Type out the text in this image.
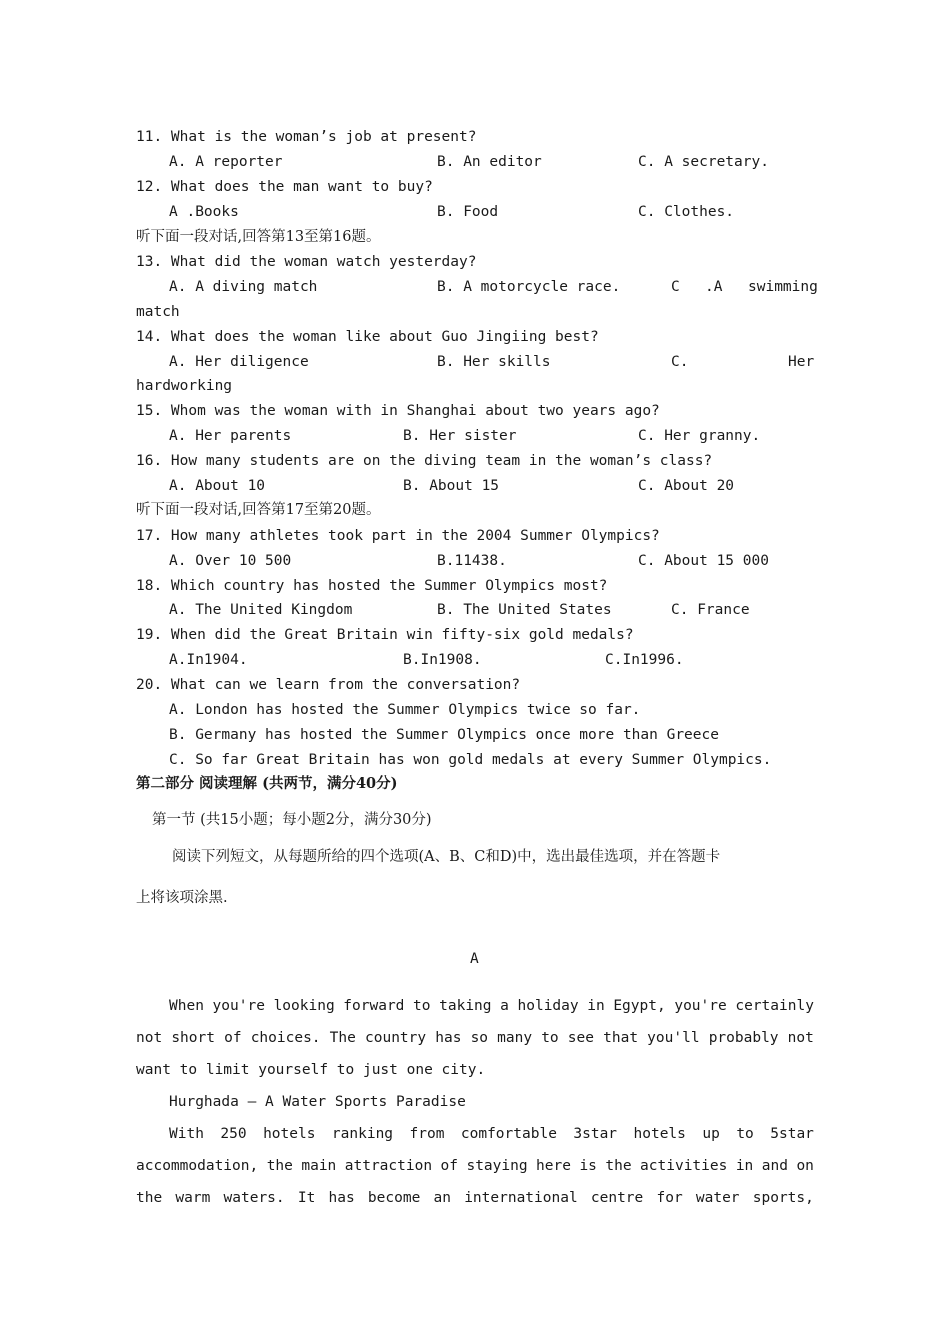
11. What is the woman’s job at present?
A. A reporter	B. An editor	C. A secretary.
12. What does the man want to buy?
A .Books	B. Food	C. Clothes.
听下面一段对话,回答第13至第16题。
13. What did the woman watch yesterday?
A. A diving match	B. A motorcycle race.	C .A swimming
match
14. What does the woman like about Guo Jingiing best?
A. Her diligence	B. Her skills	C.	Her
hardworking
15. Whom was the woman with in Shanghai about two years ago?
A. Her parents	B. Her sister	C. Her granny.
16. How many students are on the diving team in the woman’s class?
A. About 10	B. About 15	C. About 20
听下面一段对话,回答第17至第20题。
17. How many athletes took part in the 2004 Summer Olympics?
A. Over 10 500	B.11438.	C. About 15 000
18. Which country has hosted the Summer Olympics most?
A. The United Kingdom	B. The United States	C. France
19. When did the Great Britain win fifty-six gold medals?
A.In1904.	B.In1908.	C.In1996.
20. What can we learn from the conversation?
A. London has hosted the Summer Olympics twice so far.
B. Germany has hosted the Summer Olympics once more than Greece
C. So far Great Britain has won gold medals at every Summer Olympics.
第二部分 阅读理解 (共两节，满分40分)
第一节 (共15小题；每小题2分，满分30分)
阅读下列短文，从每题所给的四个选项(A、B、C和D)中，选出最佳选项，并在答题卡
上将该项涂黑.
A
When you're looking forward to taking a holiday in Egypt, you're certainly
not short of choices. The country has so many to see that you'll probably not
want to limit yourself to just one city.
Hurghada — A Water Sports Paradise
With 250 hotels ranking from comfortable 3star hotels up to 5star
accommodation, the main attraction of staying here is the activities in and on
the warm waters. It has become an international centre for water sports,
